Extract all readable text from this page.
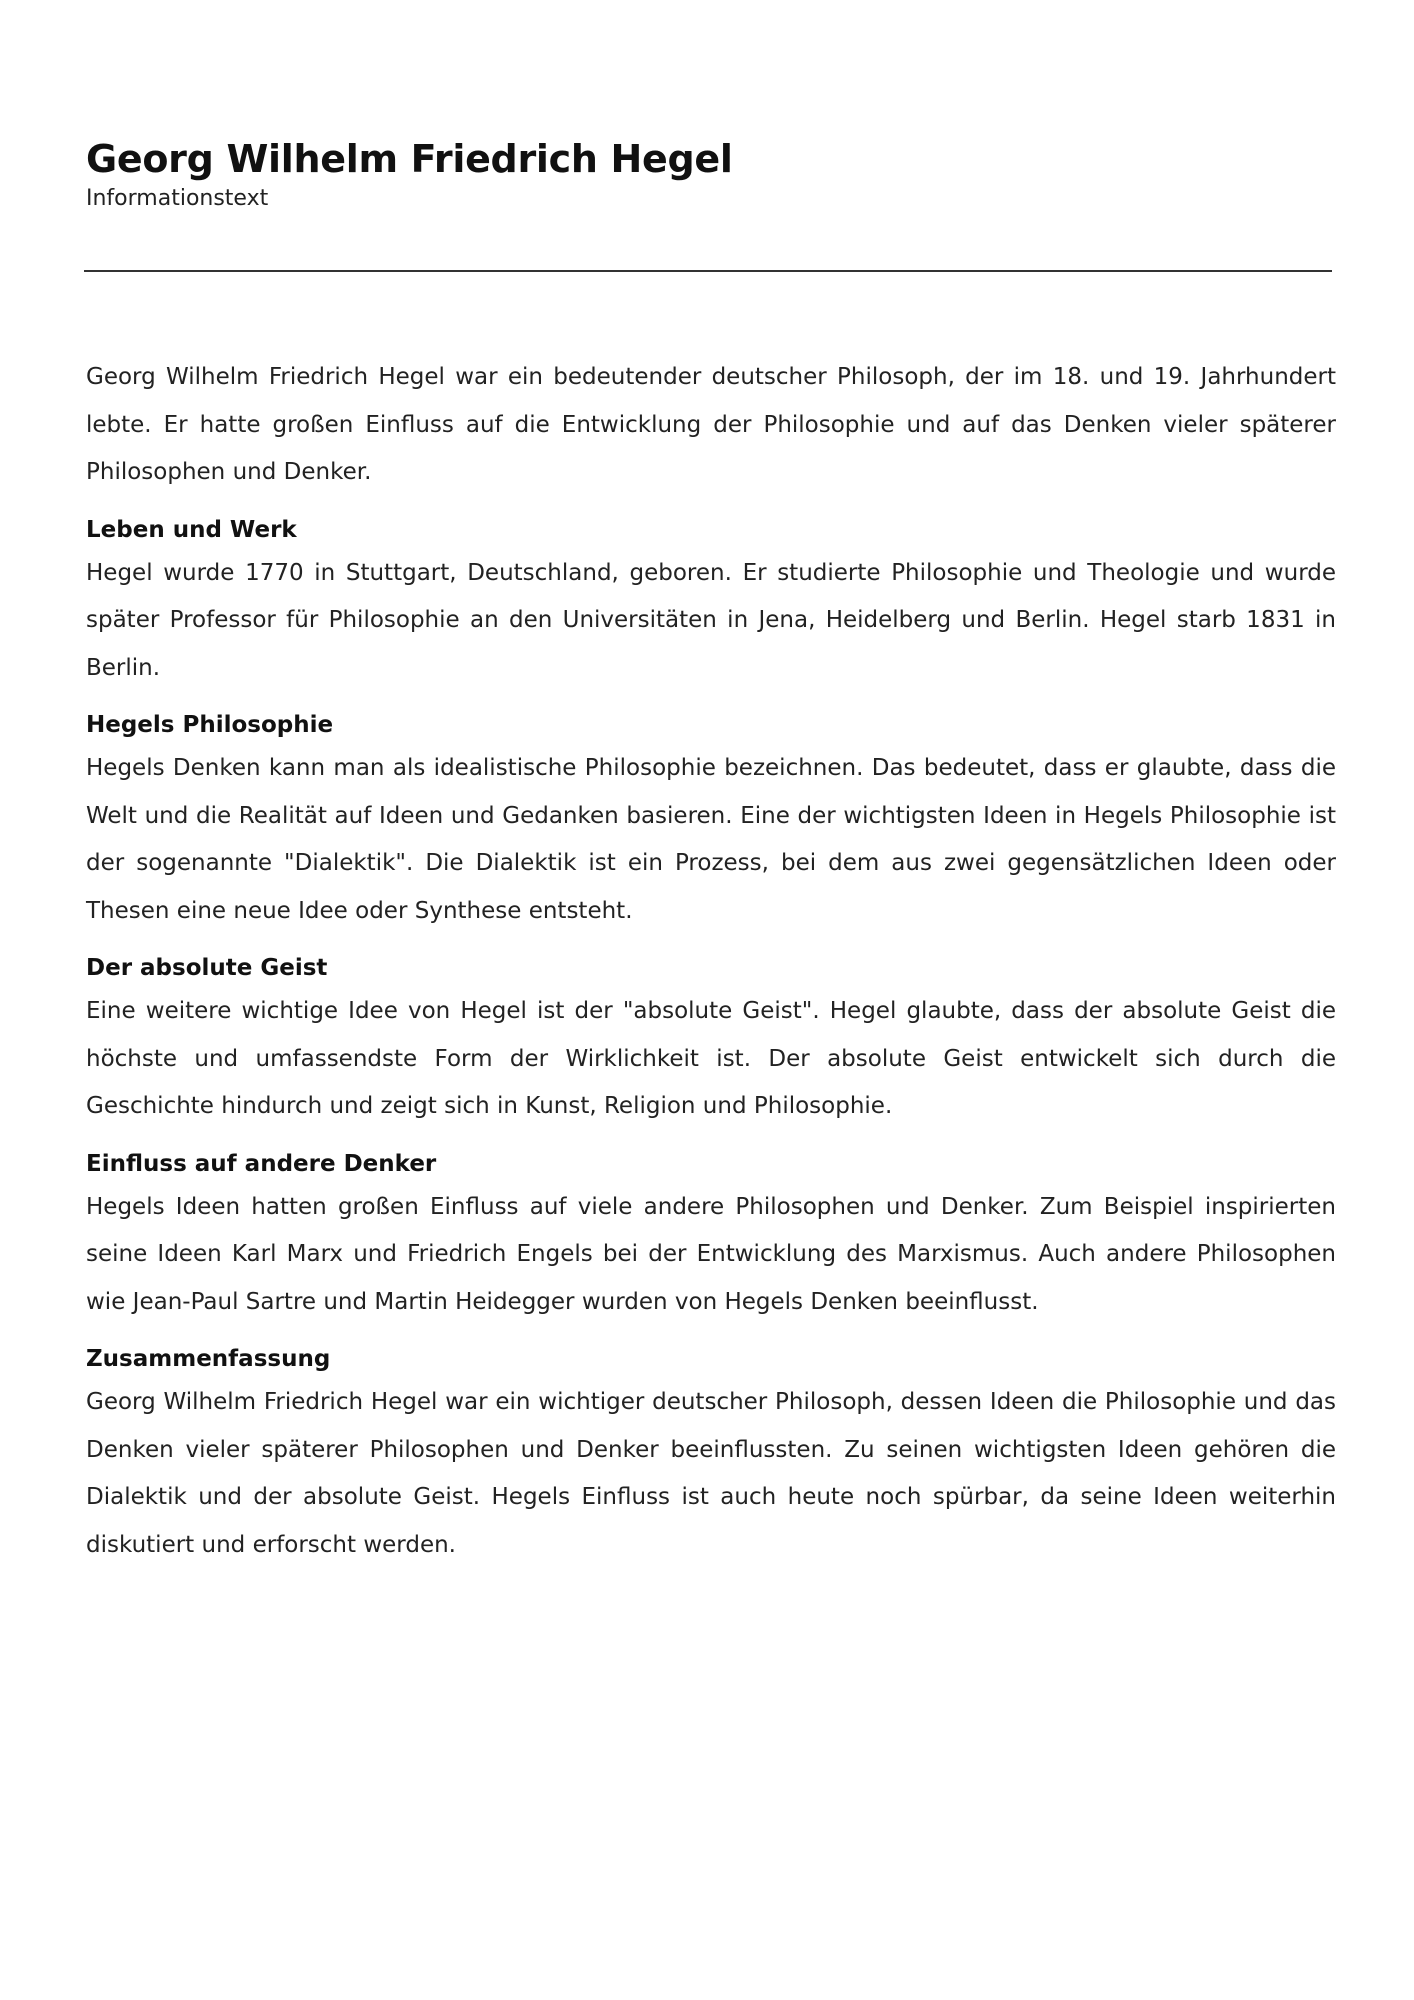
Georg Wilhelm Friedrich Hegel
Informationstext

Georg Wilhelm Friedrich Hegel war ein bedeutender deutscher Philosoph, der im 18. und 19. Jahrhundert lebte. Er hatte großen Einfluss auf die Entwicklung der Philosophie und auf das Denken vieler späterer Philosophen und Denker.

Leben und Werk

Hegel wurde 1770 in Stuttgart, Deutschland, geboren. Er studierte Philosophie und Theologie und wurde später Professor für Philosophie an den Universitäten in Jena, Heidelberg und Berlin. Hegel starb 1831 in Berlin.

Hegels Philosophie

Hegels Denken kann man als idealistische Philosophie bezeichnen. Das bedeutet, dass er glaubte, dass die Welt und die Realität auf Ideen und Gedanken basieren. Eine der wichtigsten Ideen in Hegels Philosophie ist der sogenannte "Dialektik". Die Dialektik ist ein Prozess, bei dem aus zwei gegensätzlichen Ideen oder Thesen eine neue Idee oder Synthese entsteht.

Der absolute Geist

Eine weitere wichtige Idee von Hegel ist der "absolute Geist". Hegel glaubte, dass der absolute Geist die höchste und umfassendste Form der Wirklichkeit ist. Der absolute Geist entwickelt sich durch die Geschichte hindurch und zeigt sich in Kunst, Religion und Philosophie.

Einfluss auf andere Denker

Hegels Ideen hatten großen Einfluss auf viele andere Philosophen und Denker. Zum Beispiel inspirierten seine Ideen Karl Marx und Friedrich Engels bei der Entwicklung des Marxismus. Auch andere Philosophen wie Jean-Paul Sartre und Martin Heidegger wurden von Hegels Denken beeinflusst.

Zusammenfassung

Georg Wilhelm Friedrich Hegel war ein wichtiger deutscher Philosoph, dessen Ideen die Philosophie und das Denken vieler späterer Philosophen und Denker beeinflussten. Zu seinen wichtigsten Ideen gehören die Dialektik und der absolute Geist. Hegels Einfluss ist auch heute noch spürbar, da seine Ideen weiterhin diskutiert und erforscht werden.
